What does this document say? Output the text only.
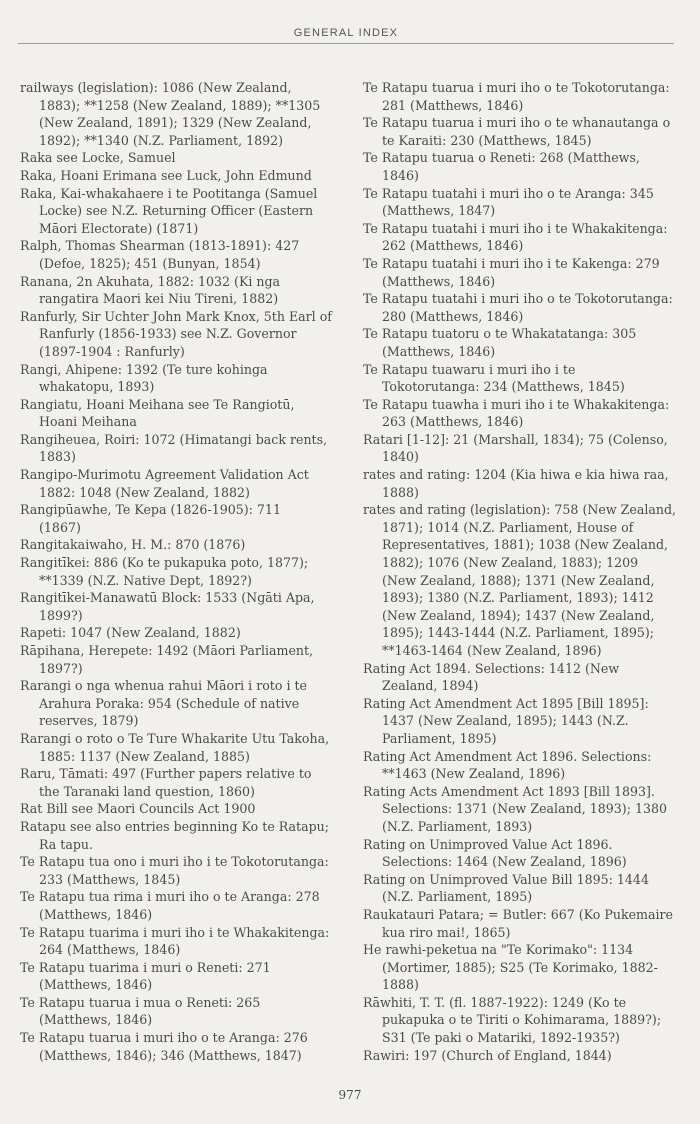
GENERAL INDEX

railways (legislation): 1086 (New Zealand,
1883); **1258 (New Zealand, 1889); **1305
(New Zealand, 1891); 1329 (New Zealand,
1892); **1340 (N.Z. Parliament, 1892)

Raka see Locke, Samuel

Raka, Hoani Erimana see Luck, John Edmund

Raka, Kai-whakahaere i te Pootitanga (Samuel
Locke) see N.Z. Returning Officer (Eastern
Māori Electorate) (1871)

Ralph, Thomas Shearman (1813-1891): 427
(Defoe, 1825); 451 (Bunyan, 1854)

Ranana, 2n Akuhata, 1882: 1032 (Ki nga
rangatira Maori kei Niu Tireni, 1882)

Ranfurly, Sir Uchter John Mark Knox, 5th Earl of
Ranfurly (1856-1933) see N.Z. Governor
(1897-1904 : Ranfurly)

Rangi, Ahipene: 1392 (Te ture kohinga
whakatopu, 1893)

Rangiatu, Hoani Meihana see Te Rangiotū,
Hoani Meihana

Rangiheuea, Roiri: 1072 (Himatangi back rents,
1883)

Rangipo-Murimotu Agreement Validation Act
1882: 1048 (New Zealand, 1882)

Rangipūawhe, Te Kepa (1826-1905): 711
(1867)

Rangitakaiwaho, H. M.: 870 (1876)

Rangitīkei: 886 (Ko te pukapuka poto, 1877);
**1339 (N.Z. Native Dept, 1892?)

Rangitīkei-Manawatū Block: 1533 (Ngāti Apa,
1899?)

Rapeti: 1047 (New Zealand, 1882)

Rāpihana, Herepete: 1492 (Māori Parliament,
1897?)

Rarangi o nga whenua rahui Māori i roto i te
Arahura Poraka: 954 (Schedule of native
reserves, 1879)

Rarangi o roto o Te Ture Whakarite Utu Takoha,
1885: 1137 (New Zealand, 1885)

Raru, Tāmati: 497 (Further papers relative to
the Taranaki land question, 1860)

Rat Bill see Maori Councils Act 1900

Ratapu see also entries beginning Ko te Ratapu;
Ra tapu.

Te Ratapu tua ono i muri iho i te Tokotorutanga:
233 (Matthews, 1845)

Te Ratapu tua rima i muri iho o te Aranga: 278
(Matthews, 1846)

Te Ratapu tuarima i muri iho i te Whakakitenga:
264 (Matthews, 1846)

Te Ratapu tuarima i muri o Reneti: 271
(Matthews, 1846)

Te Ratapu tuarua i mua o Reneti: 265
(Matthews, 1846)

Te Ratapu tuarua i muri iho o te Aranga: 276
(Matthews, 1846); 346 (Matthews, 1847)

Te Ratapu tuarua i muri iho o te Tokotorutanga:
281 (Matthews, 1846)

Te Ratapu tuarua i muri iho o te whanautanga o
te Karaiti: 230 (Matthews, 1845)

Te Ratapu tuarua o Reneti: 268 (Matthews,
1846)

Te Ratapu tuatahi i muri iho o te Aranga: 345
(Matthews, 1847)

Te Ratapu tuatahi i muri iho i te Whakakitenga:
262 (Matthews, 1846)

Te Ratapu tuatahi i muri iho i te Kakenga: 279
(Matthews, 1846)

Te Ratapu tuatahi i muri iho o te Tokotorutanga:
280 (Matthews, 1846)

Te Ratapu tuatoru o te Whakatatanga: 305
(Matthews, 1846)

Te Ratapu tuawaru i muri iho i te
Tokotorutanga: 234 (Matthews, 1845)

Te Ratapu tuawha i muri iho i te Whakakitenga:
263 (Matthews, 1846)

Ratari [1-12]: 21 (Marshall, 1834); 75 (Colenso,
1840)

rates and rating: 1204 (Kia hiwa e kia hiwa raa,
1888)

rates and rating (legislation): 758 (New Zealand,
1871); 1014 (N.Z. Parliament, House of
Representatives, 1881); 1038 (New Zealand,
1882); 1076 (New Zealand, 1883); 1209
(New Zealand, 1888); 1371 (New Zealand,
1893); 1380 (N.Z. Parliament, 1893); 1412
(New Zealand, 1894); 1437 (New Zealand,
1895); 1443-1444 (N.Z. Parliament, 1895);
**1463-1464 (New Zealand, 1896)

Rating Act 1894. Selections: 1412 (New
Zealand, 1894)

Rating Act Amendment Act 1895 [Bill 1895]:
1437 (New Zealand, 1895); 1443 (N.Z.
Parliament, 1895)

Rating Act Amendment Act 1896. Selections:
**1463 (New Zealand, 1896)

Rating Acts Amendment Act 1893 [Bill 1893].
Selections: 1371 (New Zealand, 1893); 1380
(N.Z. Parliament, 1893)

Rating on Unimproved Value Act 1896.
Selections: 1464 (New Zealand, 1896)

Rating on Unimproved Value Bill 1895: 1444
(N.Z. Parliament, 1895)

Raukatauri Patara; = Butler: 667 (Ko Pukemaire
kua riro mai!, 1865)

He rawhi-peketua na "Te Korimako": 1134
(Mortimer, 1885); S25 (Te Korimako, 1882-
1888)

Rāwhiti, T. T. (fl. 1887-1922): 1249 (Ko te
pukapuka o te Tiriti o Kohimarama, 1889?);
S31 (Te paki o Matariki, 1892-1935?)

Rawiri: 197 (Church of England, 1844)

977
